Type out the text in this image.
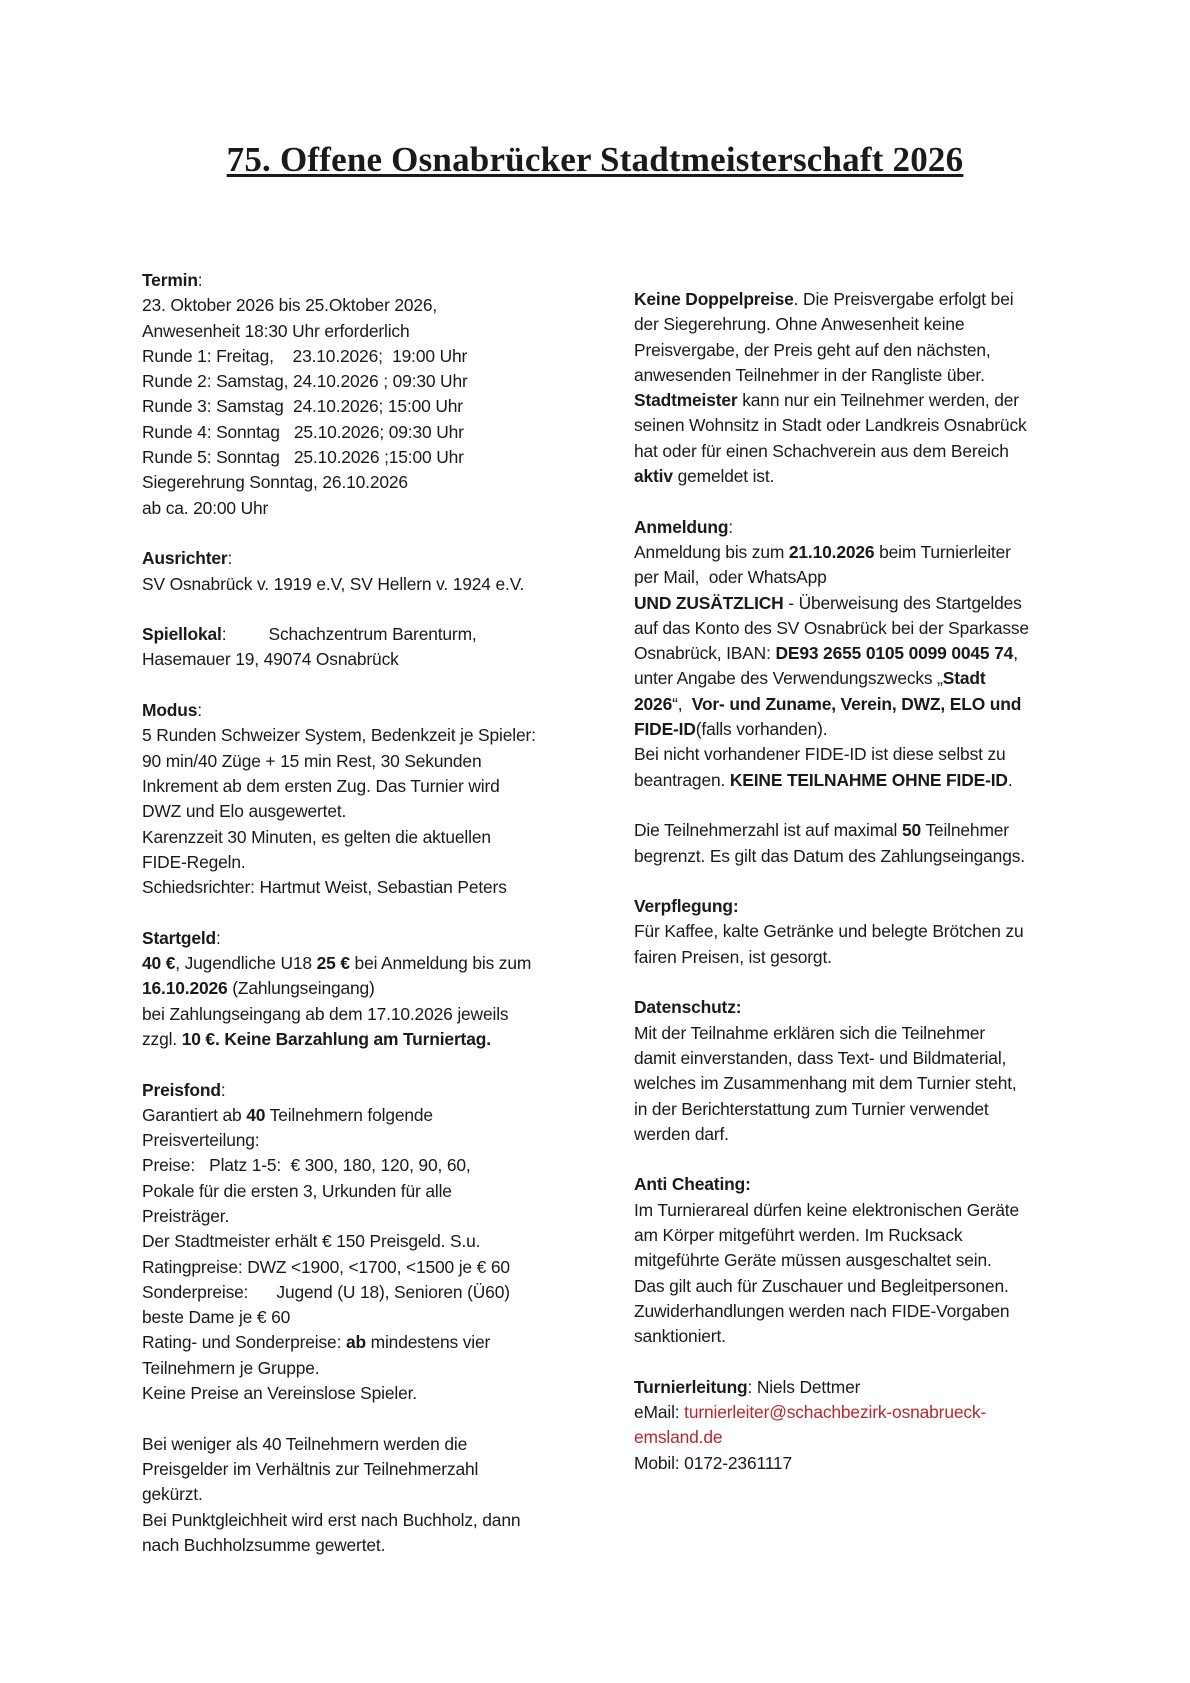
75. Offene Osnabrücker Stadtmeisterschaft 2026
Termin:
23. Oktober 2026 bis 25.Oktober 2026,
Anwesenheit 18:30 Uhr erforderlich
Runde 1: Freitag,    23.10.2026;  19:00 Uhr
Runde 2: Samstag, 24.10.2026 ; 09:30 Uhr
Runde 3: Samstag  24.10.2026; 15:00 Uhr
Runde 4: Sonntag   25.10.2026; 09:30 Uhr
Runde 5: Sonntag   25.10.2026 ;15:00 Uhr
Siegerehrung Sonntag, 26.10.2026
ab ca. 20:00 Uhr
Ausrichter:
SV Osnabrück v. 1919 e.V, SV Hellern v. 1924 e.V.
Spiellokal:         Schachzentrum Barenturm,
Hasemauer 19, 49074 Osnabrück
Modus:
5 Runden Schweizer System, Bedenkzeit je Spieler:
90 min/40 Züge + 15 min Rest, 30 Sekunden
Inkrement ab dem ersten Zug. Das Turnier wird
DWZ und Elo ausgewertet.
Karenzzeit 30 Minuten, es gelten die aktuellen
FIDE-Regeln.
Schiedsrichter: Hartmut Weist, Sebastian Peters
Startgeld:
40 €, Jugendliche U18 25 € bei Anmeldung bis zum
16.10.2026 (Zahlungseingang)
bei Zahlungseingang ab dem 17.10.2026 jeweils
zzgl. 10 €. Keine Barzahlung am Turniertag.
Preisfond:
Garantiert ab 40 Teilnehmern folgende
Preisverteilung:
Preise:   Platz 1-5:  € 300, 180, 120, 90, 60,
Pokale für die ersten 3, Urkunden für alle
Preisträger.
Der Stadtmeister erhält € 150 Preisgeld. S.u.
Ratingpreise: DWZ <1900, <1700, <1500 je € 60
Sonderpreise:      Jugend (U 18), Senioren (Ü60)
beste Dame je € 60
Rating- und Sonderpreise: ab mindestens vier
Teilnehmern je Gruppe.
Keine Preise an Vereinslose Spieler.
Bei weniger als 40 Teilnehmern werden die
Preisgelder im Verhältnis zur Teilnehmerzahl
gekürzt.
Bei Punktgleichheit wird erst nach Buchholz, dann
nach Buchholzsumme gewertet.
Keine Doppelpreise. Die Preisvergabe erfolgt bei
der Siegerehrung. Ohne Anwesenheit keine
Preisvergabe, der Preis geht auf den nächsten,
anwesenden Teilnehmer in der Rangliste über.
Stadtmeister kann nur ein Teilnehmer werden, der
seinen Wohnsitz in Stadt oder Landkreis Osnabrück
hat oder für einen Schachverein aus dem Bereich
aktiv gemeldet ist.
Anmeldung:
Anmeldung bis zum 21.10.2026 beim Turnierleiter
per Mail,  oder WhatsApp
UND ZUSÄTZLICH - Überweisung des Startgeldes
auf das Konto des SV Osnabrück bei der Sparkasse
Osnabrück, IBAN: DE93 2655 0105 0099 0045 74,
unter Angabe des Verwendungszwecks „Stadt
2026“,  Vor- und Zuname, Verein, DWZ, ELO und
FIDE-ID(falls vorhanden).
Bei nicht vorhandener FIDE-ID ist diese selbst zu
beantragen. KEINE TEILNAHME OHNE FIDE-ID.
Die Teilnehmerzahl ist auf maximal 50 Teilnehmer
begrenzt. Es gilt das Datum des Zahlungseingangs.
Verpflegung:
Für Kaffee, kalte Getränke und belegte Brötchen zu
fairen Preisen, ist gesorgt.
Datenschutz:
Mit der Teilnahme erklären sich die Teilnehmer
damit einverstanden, dass Text- und Bildmaterial,
welches im Zusammenhang mit dem Turnier steht,
in der Berichterstattung zum Turnier verwendet
werden darf.
Anti Cheating:
Im Turnierareal dürfen keine elektronischen Geräte
am Körper mitgeführt werden. Im Rucksack
mitgeführte Geräte müssen ausgeschaltet sein.
Das gilt auch für Zuschauer und Begleitpersonen.
Zuwiderhandlungen werden nach FIDE-Vorgaben
sanktioniert.
Turnierleitung: Niels Dettmer
eMail: turnierleiter@schachbezirk-osnabrueck-
emsland.de
Mobil: 0172-2361117
